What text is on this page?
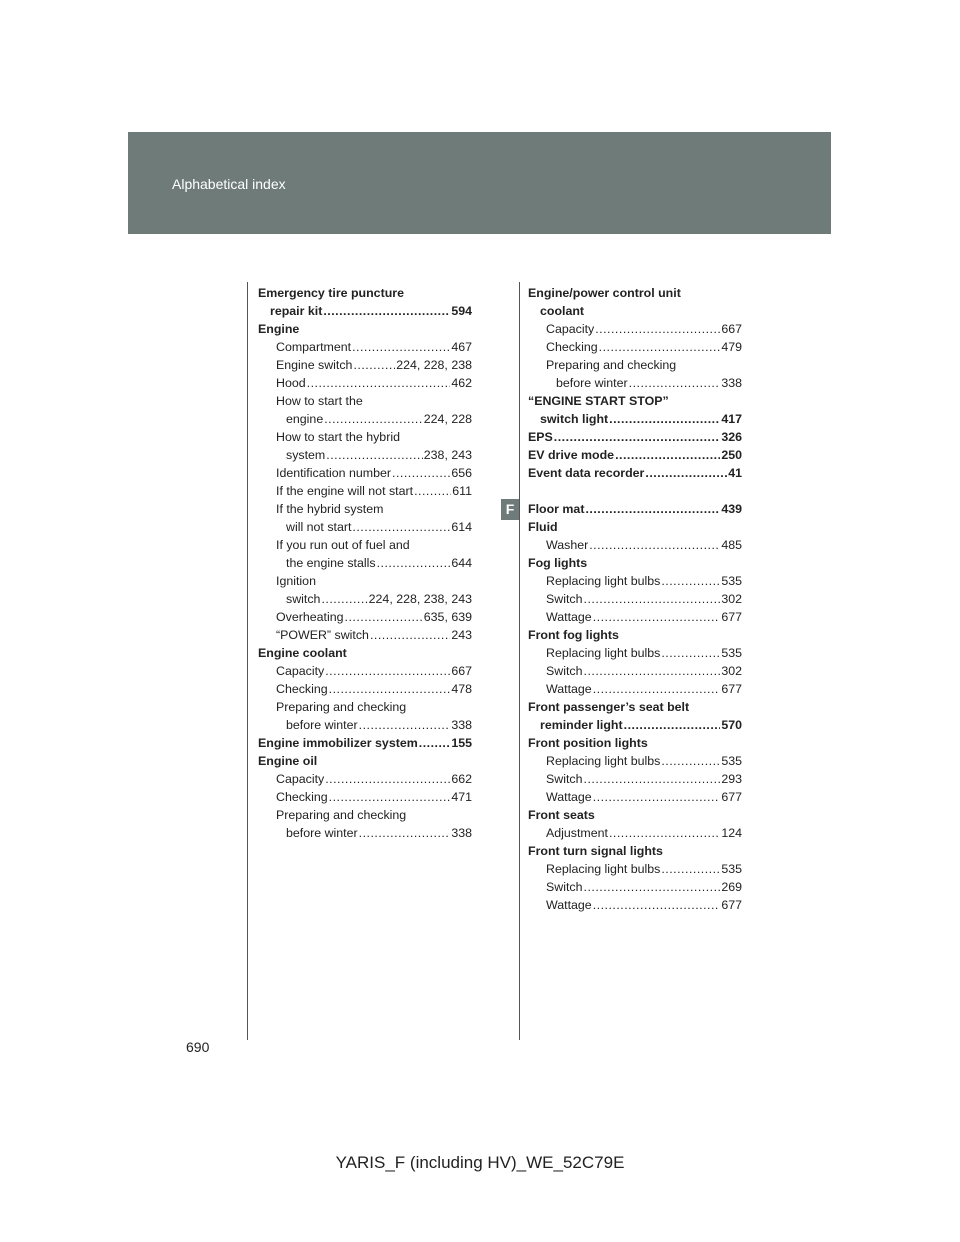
Alphabetical index
Emergency tire puncture
repair kit .....	594
Engine
Compartment .....	467
Engine switch .....	224, 228, 238
Hood .....	462
How to start the
engine .....	224, 228
How to start the hybrid
system .....	238, 243
Identification number .....	656
If the engine will not start .....	611
If the hybrid system
will not start .....	614
If you run out of fuel and
the engine stalls .....	644
Ignition
switch .....	224, 228, 238, 243
Overheating .....	635, 639
“POWER” switch .....	243
Engine coolant
Capacity .....	667
Checking .....	478
Preparing and checking
before winter .....	338
Engine immobilizer system .....	155
Engine oil
Capacity .....	662
Checking .....	471
Preparing and checking
before winter .....	338
Engine/power control unit
coolant
Capacity .....	667
Checking .....	479
Preparing and checking
before winter .....	338
“ENGINE START STOP”
switch light .....	417
EPS .....	326
EV drive mode .....	250
Event data recorder .....	41
Floor mat .....	439
Fluid
Washer .....	485
Fog lights
Replacing light bulbs .....	535
Switch .....	302
Wattage .....	677
Front fog lights
Replacing light bulbs .....	535
Switch .....	302
Wattage .....	677
Front passenger’s seat belt
reminder light .....	570
Front position lights
Replacing light bulbs .....	535
Switch .....	293
Wattage .....	677
Front seats
Adjustment .....	124
Front turn signal lights
Replacing light bulbs .....	535
Switch .....	269
Wattage .....	677
F
690
YARIS_F (including HV)_WE_52C79E
